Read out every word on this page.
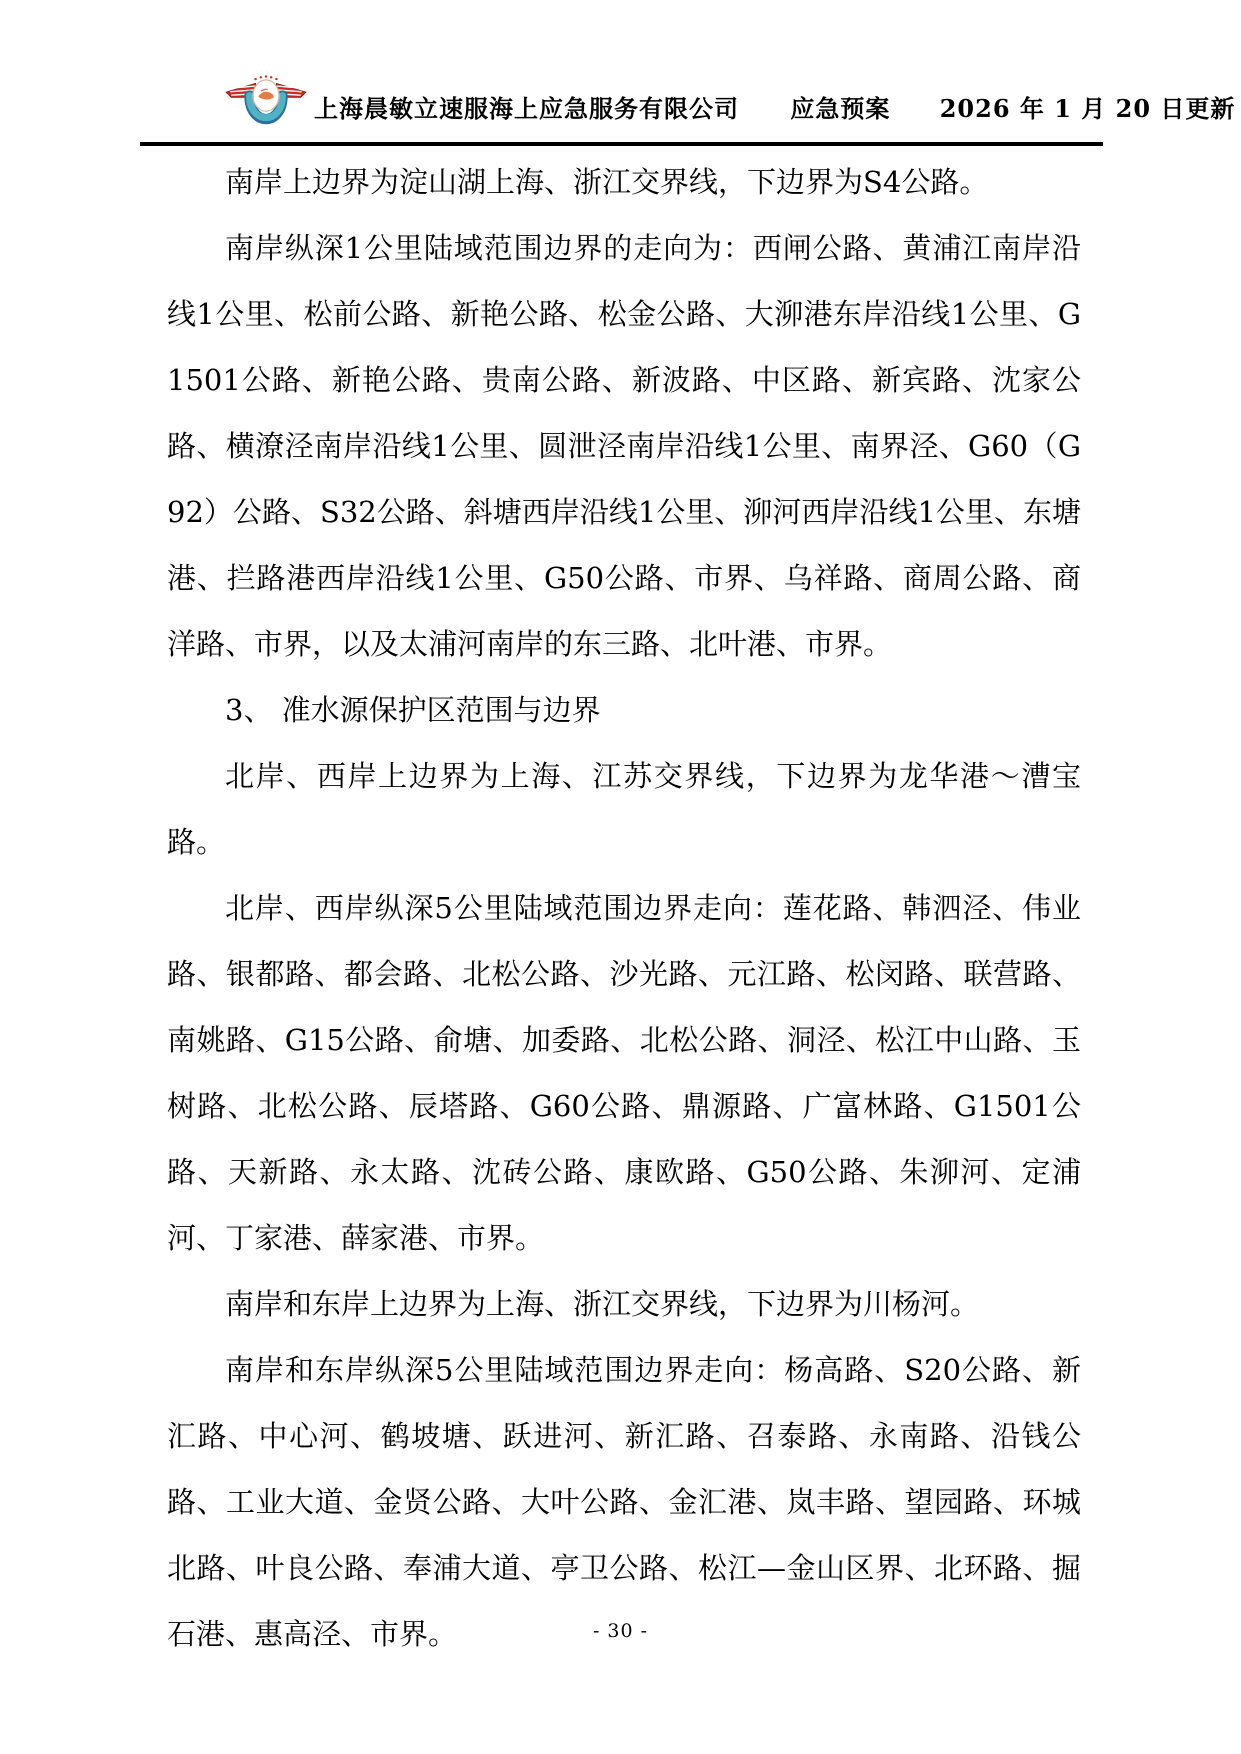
上海晨敏立速服海上应急服务有限公司 应急预案 2026 年 1 月 20 日更新

南岸上边界为淀山湖上海、浙江交界线，下边界为S4公路。

南岸纵深1公里陆域范围边界的走向为：西闸公路、黄浦江南岸沿线1公里、松前公路、新艳公路、松金公路、大泖港东岸沿线1公里、G1501公路、新艳公路、贵南公路、新波路、中区路、新宾路、沈家公路、横潦泾南岸沿线1公里、圆泄泾南岸沿线1公里、南界泾、G60（G92）公路、S32公路、斜塘西岸沿线1公里、泖河西岸沿线1公里、东塘港、拦路港西岸沿线1公里、G50公路、市界、乌祥路、商周公路、商洋路、市界，以及太浦河南岸的东三路、北叶港、市界。

3、 准水源保护区范围与边界

北岸、西岸上边界为上海、江苏交界线，下边界为龙华港～漕宝路。

北岸、西岸纵深5公里陆域范围边界走向：莲花路、韩泗泾、伟业路、银都路、都会路、北松公路、沙光路、元江路、松闵路、联营路、南姚路、G15公路、俞塘、加委路、北松公路、洞泾、松江中山路、玉树路、北松公路、辰塔路、G60公路、鼎源路、广富林路、G1501公路、天新路、永太路、沈砖公路、康欧路、G50公路、朱泖河、定浦河、丁家港、薛家港、市界。

南岸和东岸上边界为上海、浙江交界线，下边界为川杨河。

南岸和东岸纵深5公里陆域范围边界走向：杨高路、S20公路、新汇路、中心河、鹤坡塘、跃进河、新汇路、召泰路、永南路、沿钱公路、工业大道、金贤公路、大叶公路、金汇港、岚丰路、望园路、环城北路、叶良公路、奉浦大道、亭卫公路、松江—金山区界、北环路、掘石港、惠高泾、市界。	- 30 -
